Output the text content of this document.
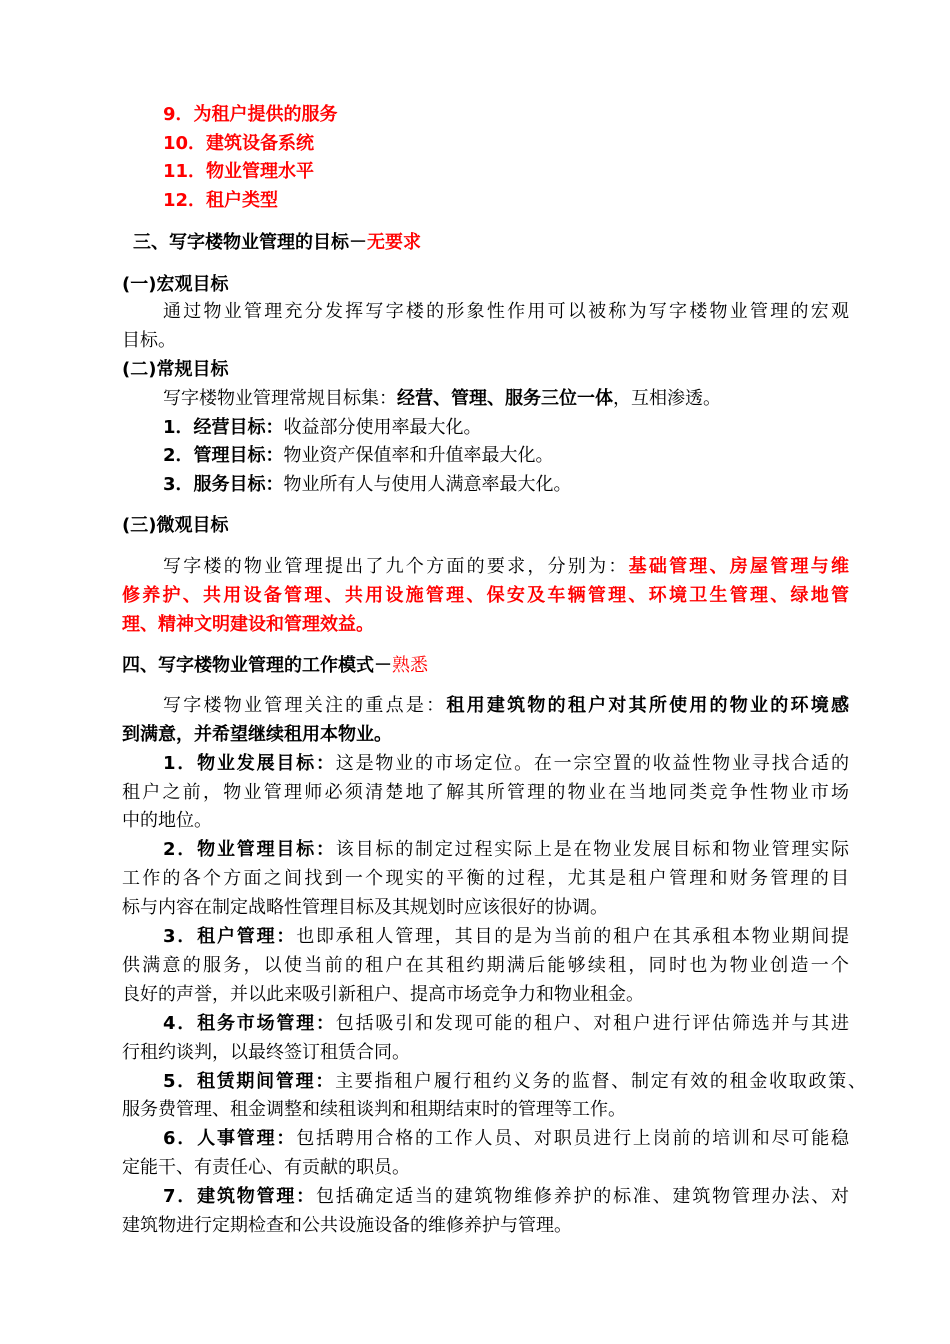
9．为租户提供的服务
10．建筑设备系统
11．物业管理水平
12．租户类型
三、写字楼物业管理的目标－无要求
(一)宏观目标
通过物业管理充分发挥写字楼的形象性作用可以被称为写字楼物业管理的宏观
目标。
(二)常规目标
写字楼物业管理常规目标集：经营、管理、服务三位一体，互相渗透。
1．经营目标：收益部分使用率最大化。
2．管理目标：物业资产保值率和升值率最大化。
3．服务目标：物业所有人与使用人满意率最大化。
(三)微观目标
写字楼的物业管理提出了九个方面的要求，分别为：基础管理、房屋管理与维
修养护、共用设备管理、共用设施管理、保安及车辆管理、环境卫生管理、绿地管
理、精神文明建设和管理效益。
四、写字楼物业管理的工作模式－熟悉
写字楼物业管理关注的重点是：租用建筑物的租户对其所使用的物业的环境感
到满意，并希望继续租用本物业。
1．物业发展目标：这是物业的市场定位。在一宗空置的收益性物业寻找合适的
租户之前，物业管理师必须清楚地了解其所管理的物业在当地同类竞争性物业市场
中的地位。
2．物业管理目标：该目标的制定过程实际上是在物业发展目标和物业管理实际
工作的各个方面之间找到一个现实的平衡的过程，尤其是租户管理和财务管理的目
标与内容在制定战略性管理目标及其规划时应该很好的协调。
3．租户管理：也即承租人管理，其目的是为当前的租户在其承租本物业期间提
供满意的服务，以使当前的租户在其租约期满后能够续租，同时也为物业创造一个
良好的声誉，并以此来吸引新租户、提高市场竞争力和物业租金。
4．租务市场管理：包括吸引和发现可能的租户、对租户进行评估筛选并与其进
行租约谈判，以最终签订租赁合同。
5．租赁期间管理：主要指租户履行租约义务的监督、制定有效的租金收取政策、
服务费管理、租金调整和续租谈判和租期结束时的管理等工作。
6．人事管理：包括聘用合格的工作人员、对职员进行上岗前的培训和尽可能稳
定能干、有责任心、有贡献的职员。
7．建筑物管理：包括确定适当的建筑物维修养护的标准、建筑物管理办法、对
建筑物进行定期检查和公共设施设备的维修养护与管理。
